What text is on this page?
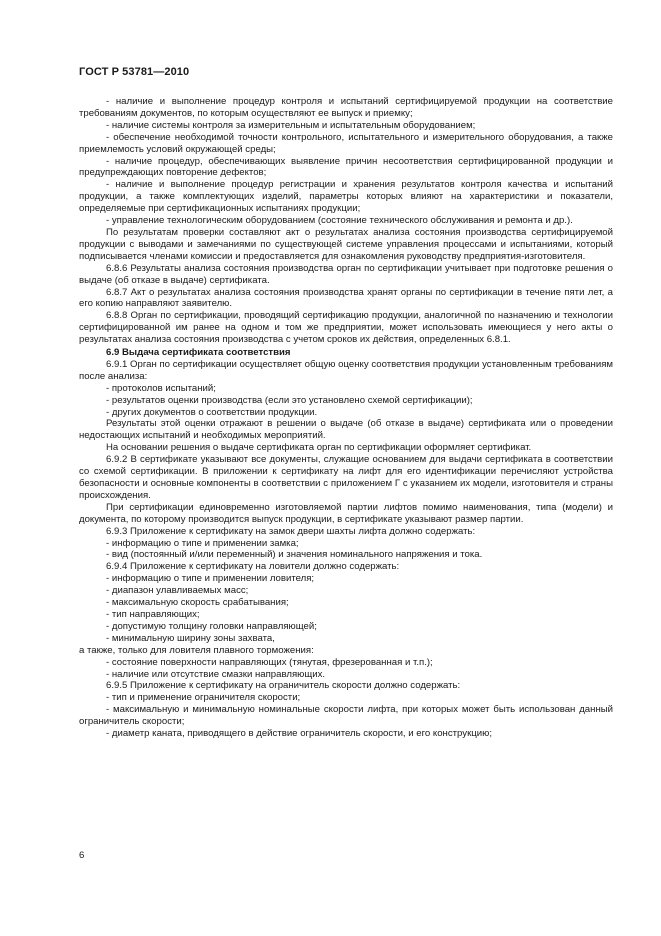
ГОСТ Р 53781—2010

- наличие и выполнение процедур контроля и испытаний сертифицируемой продукции на соответствие требованиям документов, по которым осуществляют ее выпуск и приемку;

- наличие системы контроля за измерительным и испытательным оборудованием;

- обеспечение необходимой точности контрольного, испытательного и измерительного оборудования, а также приемлемость условий окружающей среды;

- наличие процедур, обеспечивающих выявление причин несоответствия сертифицированной продукции и предупреждающих повторение дефектов;

- наличие и выполнение процедур регистрации и хранения результатов контроля качества и испытаний продукции, а также комплектующих изделий, параметры которых влияют на характеристики и показатели, определяемые при сертификационных испытаниях продукции;

- управление технологическим оборудованием (состояние технического обслуживания и ремонта и др.).

По результатам проверки составляют акт о результатах анализа состояния производства сертифицируемой продукции с выводами и замечаниями по существующей системе управления процессами и испытаниями, который подписывается членами комиссии и предоставляется для ознакомления руководству предприятия-изготовителя.

6.8.6 Результаты анализа состояния производства орган по сертификации учитывает при подготовке решения о выдаче (об отказе в выдаче) сертификата.

6.8.7 Акт о результатах анализа состояния производства хранят органы по сертификации в течение пяти лет, а его копию направляют заявителю.

6.8.8 Орган по сертификации, проводящий сертификацию продукции, аналогичной по назначению и технологии сертифицированной им ранее на одном и том же предприятии, может использовать имеющиеся у него акты о результатах анализа состояния производства с учетом сроков их действия, определенных 6.8.1.

6.9 Выдача сертификата соответствия

6.9.1 Орган по сертификации осуществляет общую оценку соответствия продукции установленным требованиям после анализа:

- протоколов испытаний;

- результатов оценки производства (если это установлено схемой сертификации);

- других документов о соответствии продукции.

Результаты этой оценки отражают в решении о выдаче (об отказе в выдаче) сертификата или о проведении недостающих испытаний и необходимых мероприятий.

На основании решения о выдаче сертификата орган по сертификации оформляет сертификат.

6.9.2 В сертификате указывают все документы, служащие основанием для выдачи сертификата в соответствии со схемой сертификации. В приложении к сертификату на лифт для его идентификации перечисляют устройства безопасности и основные компоненты в соответствии с приложением Г с указанием их модели, изготовителя и страны происхождения.

При сертификации единовременно изготовляемой партии лифтов помимо наименования, типа (модели) и документа, по которому производится выпуск продукции, в сертификате указывают размер партии.

6.9.3 Приложение к сертификату на замок двери шахты лифта должно содержать:

- информацию о типе и применении замка;

- вид (постоянный и/или переменный) и значения номинального напряжения и тока.

6.9.4 Приложение к сертификату на ловители должно содержать:

- информацию о типе и применении ловителя;

- диапазон улавливаемых масс;

- максимальную скорость срабатывания;

- тип направляющих;

- допустимую толщину головки направляющей;

- минимальную ширину зоны захвата,

а также, только для ловителя плавного торможения:

- состояние поверхности направляющих (тянутая, фрезерованная и т.п.);

- наличие или отсутствие смазки направляющих.

6.9.5 Приложение к сертификату на ограничитель скорости должно содержать:

- тип и применение ограничителя скорости;

- максимальную и минимальную номинальные скорости лифта, при которых может быть использован данный ограничитель скорости;

- диаметр каната, приводящего в действие ограничитель скорости, и его конструкцию;

6
